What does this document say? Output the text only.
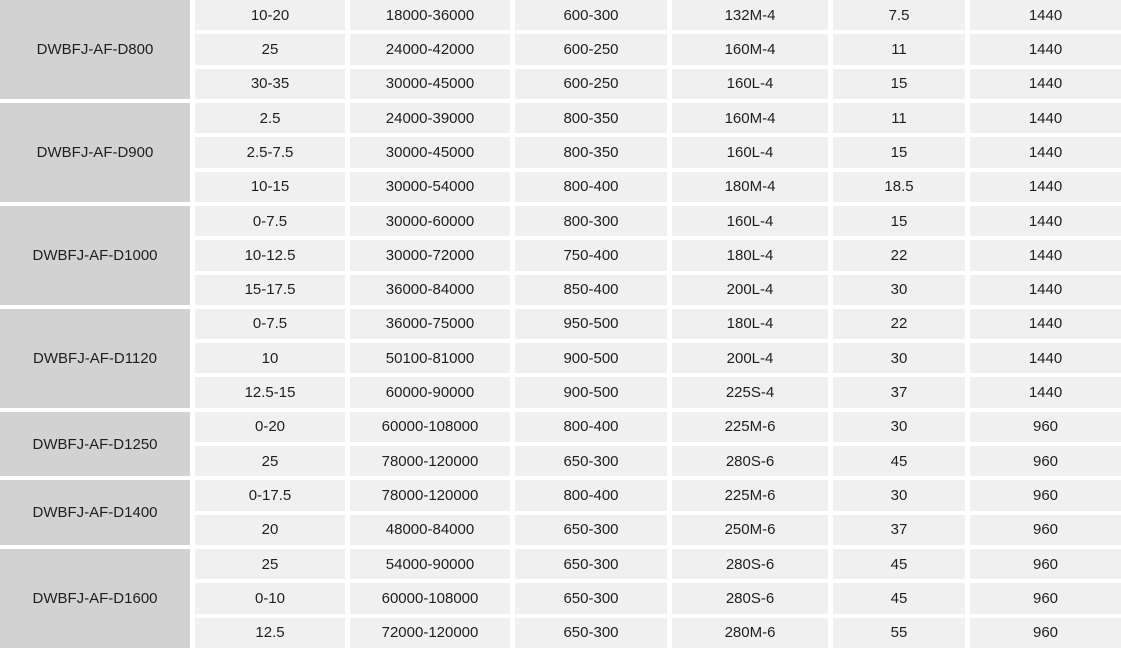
DWBFJ-AF-D800
10-20	18000-36000	600-300	132M-4	7.5	1440
25	24000-42000	600-250	160M-4	11	1440
30-35	30000-45000	600-250	160L-4	15	1440
DWBFJ-AF-D900
2.5	24000-39000	800-350	160M-4	11	1440
2.5-7.5	30000-45000	800-350	160L-4	15	1440
10-15	30000-54000	800-400	180M-4	18.5	1440
DWBFJ-AF-D1000
0-7.5	30000-60000	800-300	160L-4	15	1440
10-12.5	30000-72000	750-400	180L-4	22	1440
15-17.5	36000-84000	850-400	200L-4	30	1440
DWBFJ-AF-D1120
0-7.5	36000-75000	950-500	180L-4	22	1440
10	50100-81000	900-500	200L-4	30	1440
12.5-15	60000-90000	900-500	225S-4	37	1440
DWBFJ-AF-D1250
0-20	60000-108000	800-400	225M-6	30	960
25	78000-120000	650-300	280S-6	45	960
DWBFJ-AF-D1400
0-17.5	78000-120000	800-400	225M-6	30	960
20	48000-84000	650-300	250M-6	37	960
DWBFJ-AF-D1600
25	54000-90000	650-300	280S-6	45	960
0-10	60000-108000	650-300	280S-6	45	960
12.5	72000-120000	650-300	280M-6	55	960
